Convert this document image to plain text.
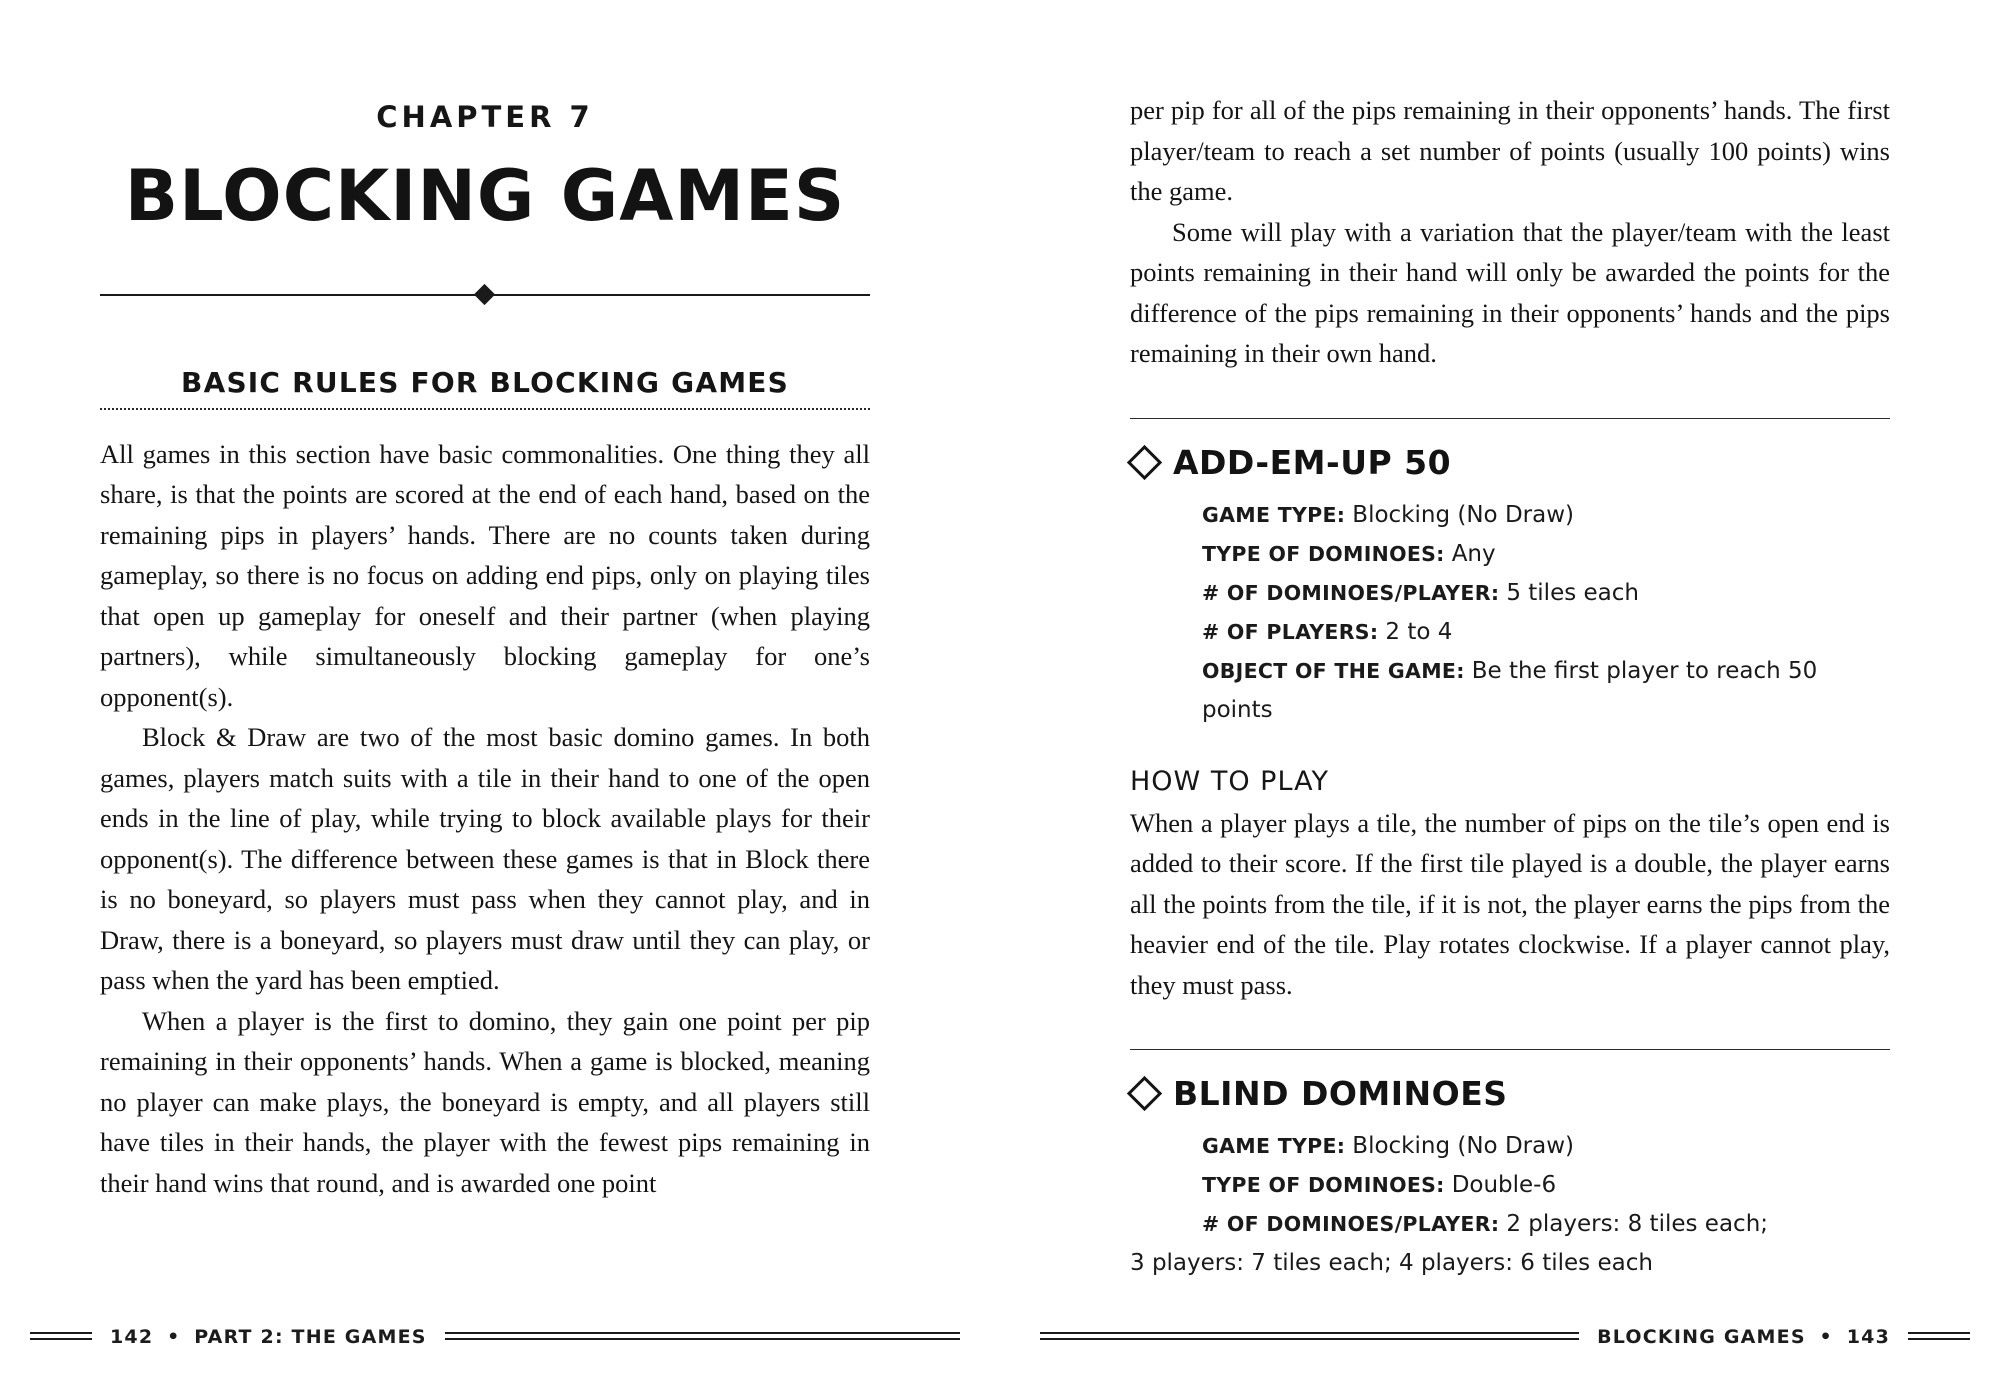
CHAPTER 7
BLOCKING GAMES
BASIC RULES FOR BLOCKING GAMES

All games in this section have basic commonalities. One thing they all share, is that the points are scored at the end of each hand, based on the remaining pips in players’ hands. There are no counts taken during gameplay, so there is no focus on adding end pips, only on playing tiles that open up gameplay for oneself and their partner (when playing partners), while simultaneously blocking gameplay for one’s opponent(s).

Block & Draw are two of the most basic domino games. In both games, players match suits with a tile in their hand to one of the open ends in the line of play, while trying to block available plays for their opponent(s). The difference between these games is that in Block there is no boneyard, so players must pass when they cannot play, and in Draw, there is a boneyard, so players must draw until they can play, or pass when the yard has been emptied.

When a player is the first to domino, they gain one point per pip remaining in their opponents’ hands. When a game is blocked, meaning no player can make plays, the boneyard is empty, and all players still have tiles in their hands, the player with the fewest pips remaining in their hand wins that round, and is awarded one point

142 • PART 2: THE GAMES

per pip for all of the pips remaining in their opponents’ hands. The first player/team to reach a set number of points (usually 100 points) wins the game.

Some will play with a variation that the player/team with the least points remaining in their hand will only be awarded the points for the difference of the pips remaining in their opponents’ hands and the pips remaining in their own hand.

ADD-EM-UP 50
GAME TYPE: Blocking (No Draw)
TYPE OF DOMINOES: Any
# OF DOMINOES/PLAYER: 5 tiles each
# OF PLAYERS: 2 to 4
OBJECT OF THE GAME: Be the first player to reach 50 points
HOW TO PLAY

When a player plays a tile, the number of pips on the tile’s open end is added to their score. If the first tile played is a double, the player earns all the points from the tile, if it is not, the player earns the pips from the heavier end of the tile. Play rotates clockwise. If a player cannot play, they must pass.

BLIND DOMINOES
GAME TYPE: Blocking (No Draw)
TYPE OF DOMINOES: Double-6
# OF DOMINOES/PLAYER: 2 players: 8 tiles each;
3 players: 7 tiles each; 4 players: 6 tiles each
BLOCKING GAMES • 143
